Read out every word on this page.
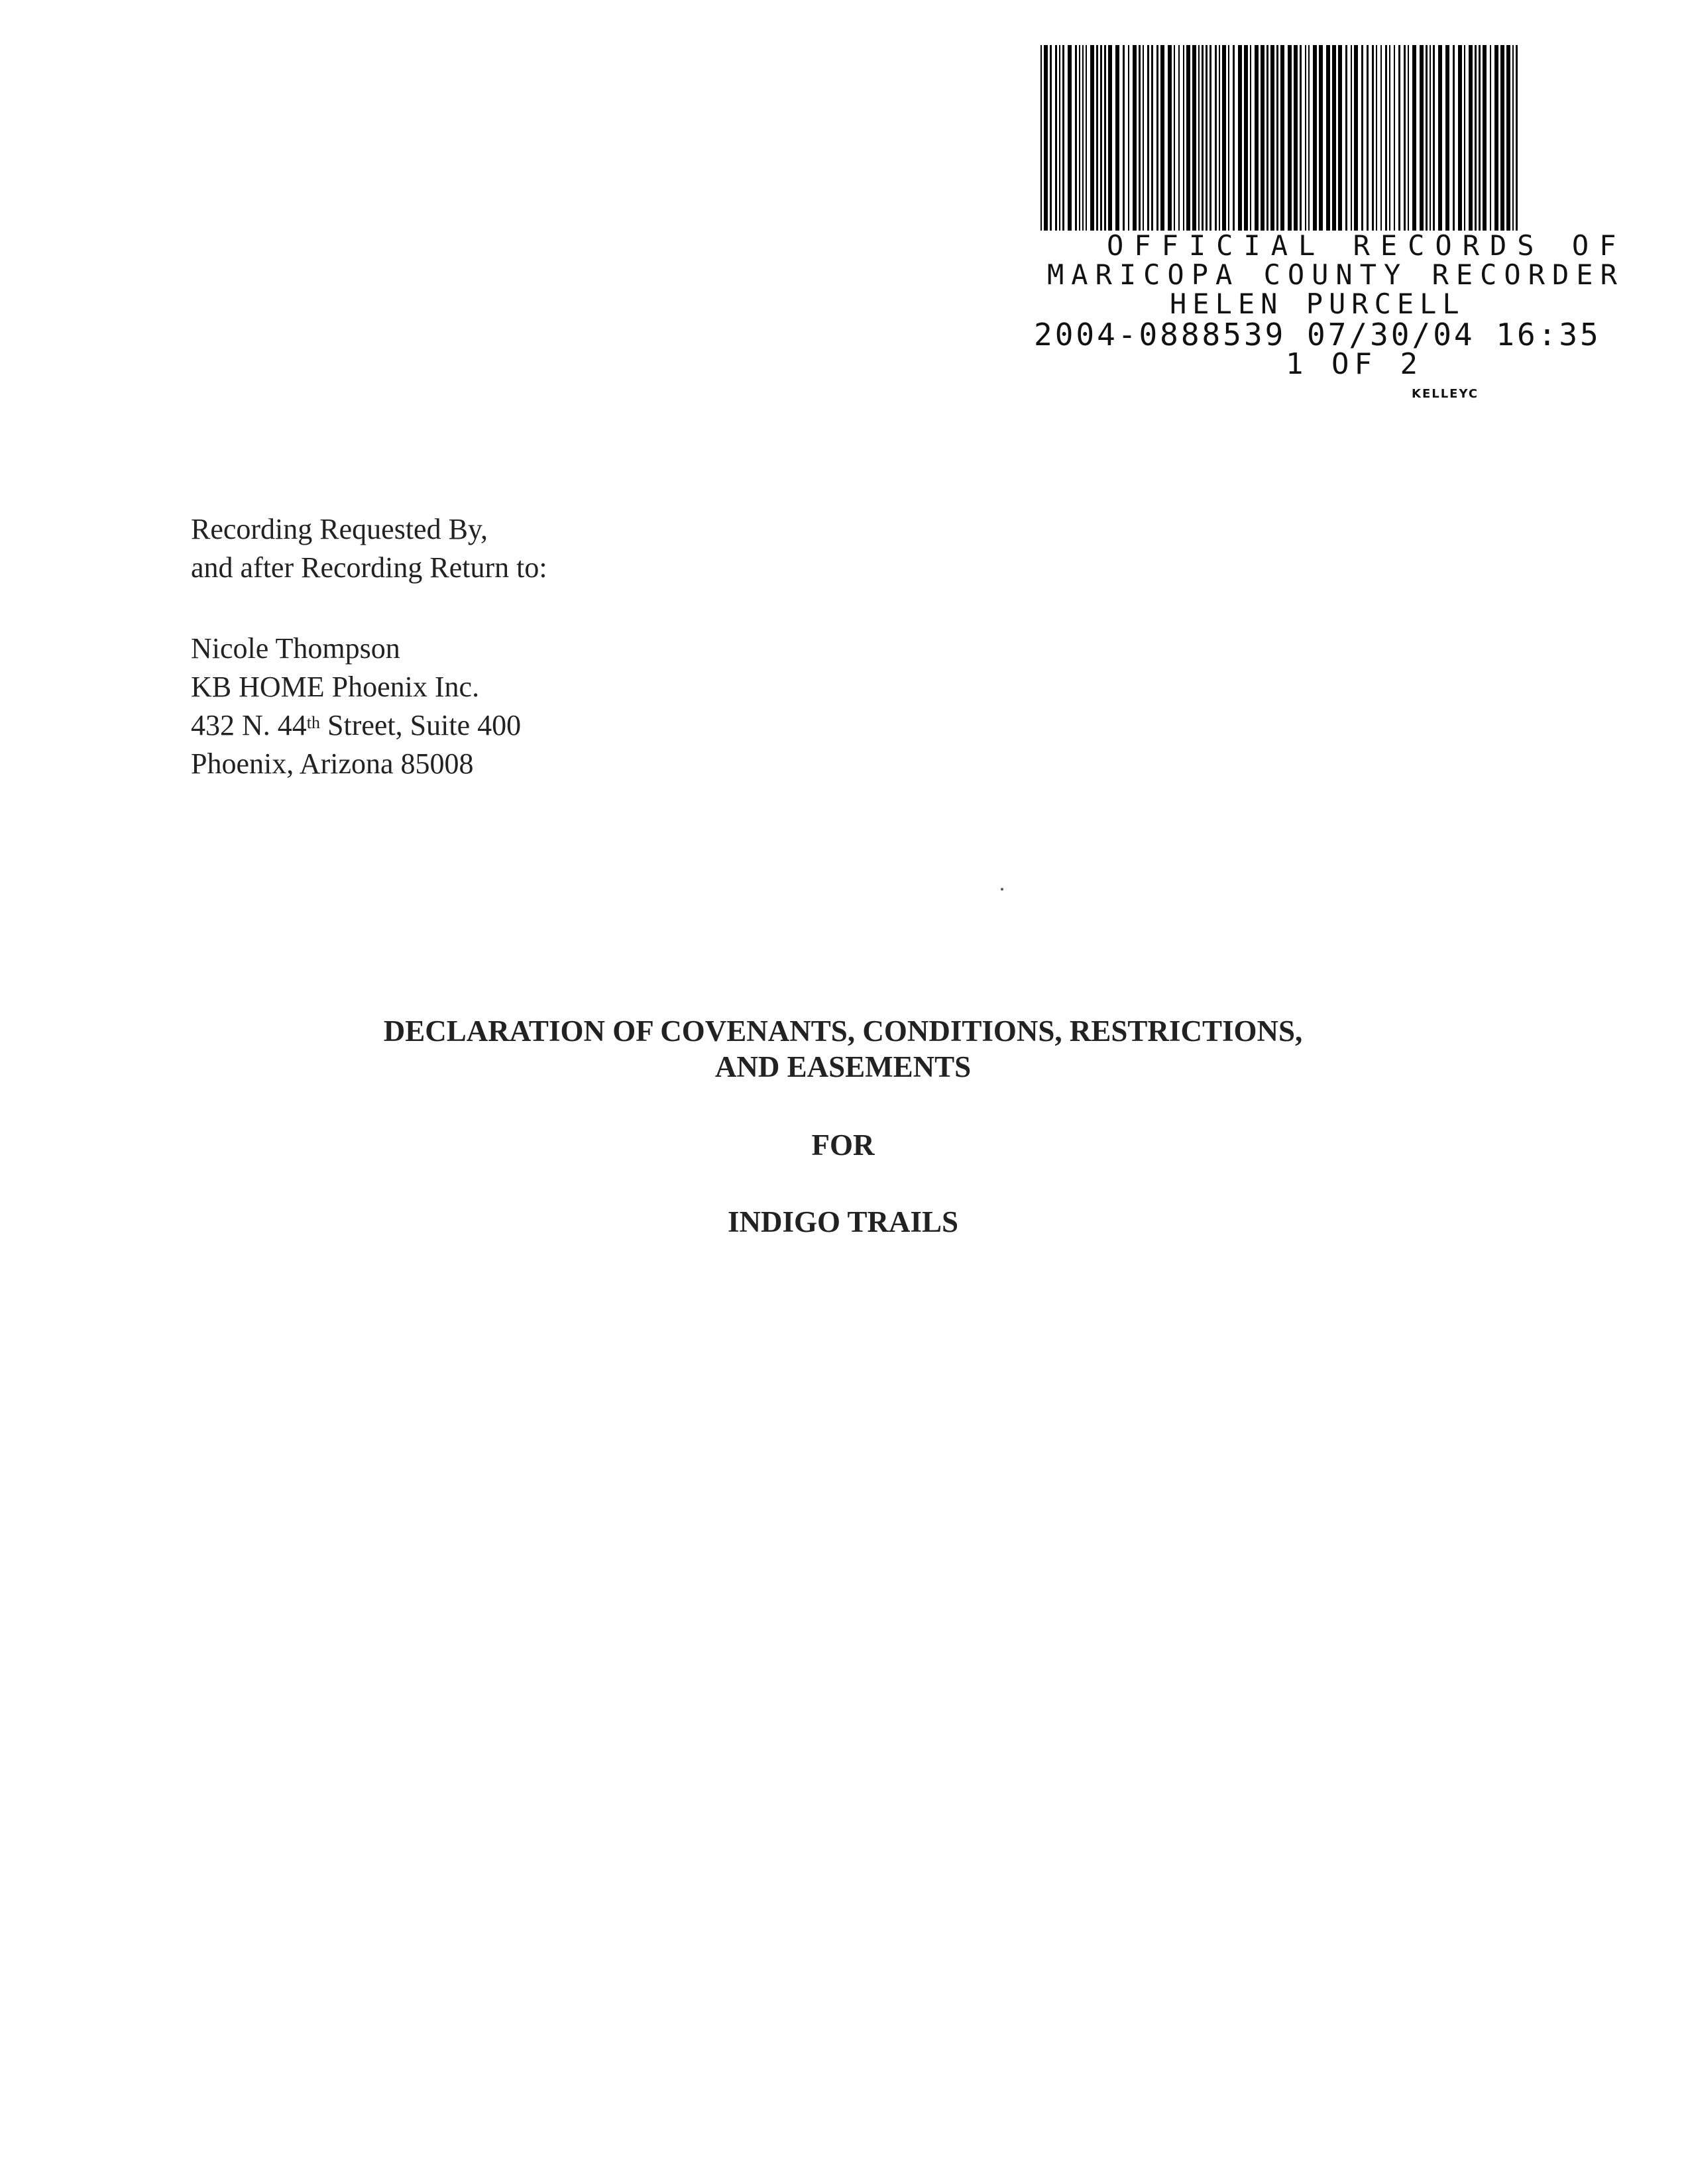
OFFICIAL RECORDS OF
MARICOPA COUNTY RECORDER
HELEN PURCELL
2004-0888539 07/30/04 16:35
1 OF 2
KELLEYC
Recording Requested By,
and after Recording Return to:
Nicole Thompson
KB HOME Phoenix Inc.
432 N. 44th Street, Suite 400
Phoenix, Arizona 85008
DECLARATION OF COVENANTS, CONDITIONS, RESTRICTIONS,
AND EASEMENTS
FOR
INDIGO TRAILS
